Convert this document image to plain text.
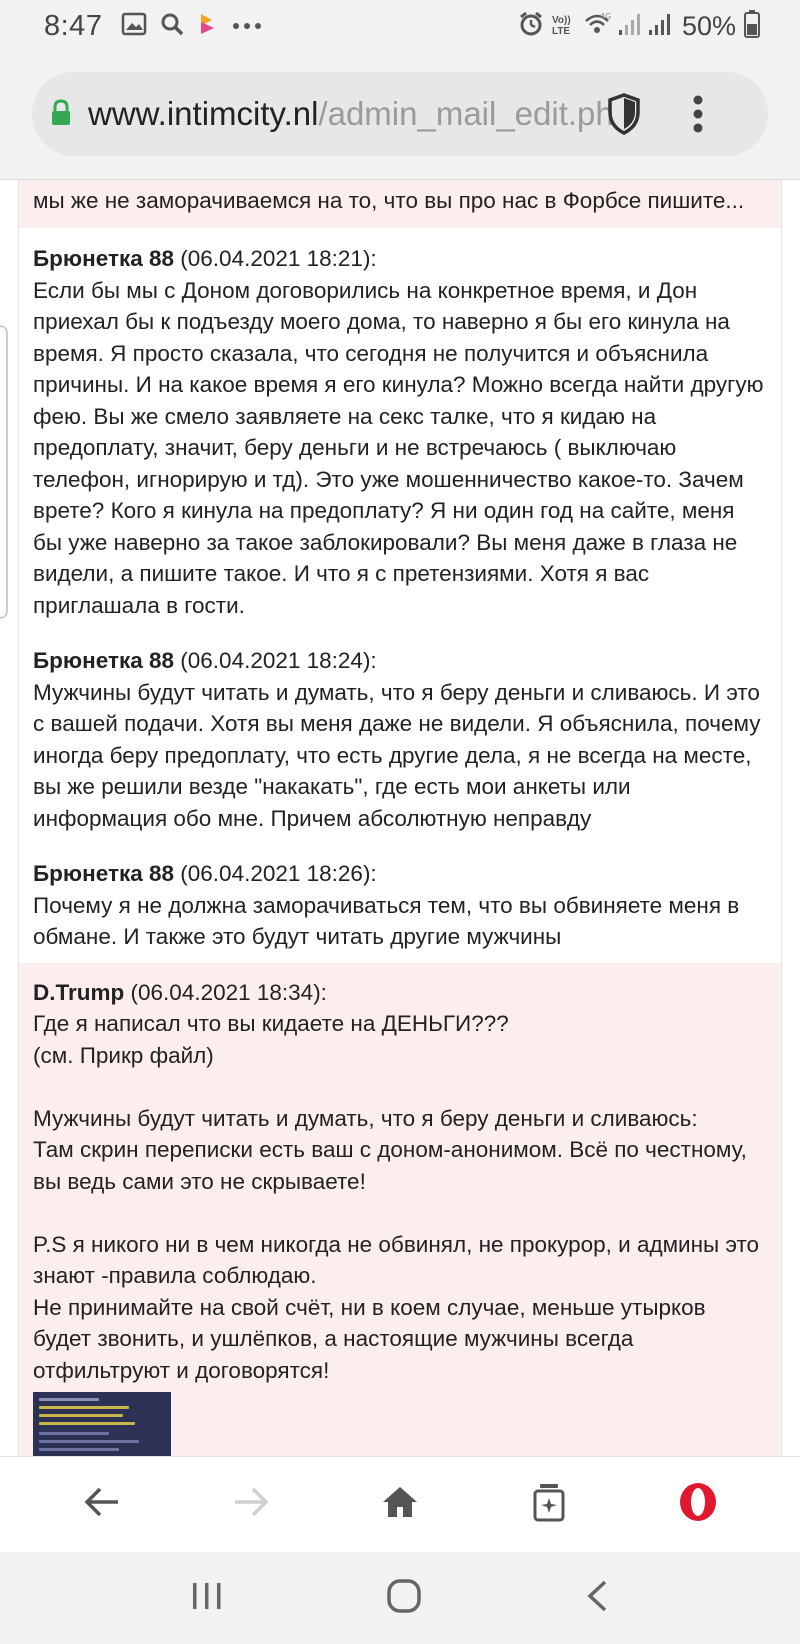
8:47	Vo)) LTE
4G	50%
www.intimcity.nl/admin_mail_edit.ph
мы же не заморачиваемся на то, что вы про нас в Форбсе пишите...
Брюнетка 88 (06.04.2021 18:21):
Если бы мы с Доном договорились на конкретное время, и Дон приехал бы к подъезду моего дома, то наверно я бы его кинула на время. Я просто сказала, что сегодня не получится и объяснила причины. И на какое время я его кинула? Можно всегда найти другую фею. Вы же смело заявляете на секс талке, что я кидаю на предоплату, значит, беру деньги и не встречаюсь ( выключаю телефон, игнорирую и тд). Это уже мошенничество какое-то. Зачем врете? Кого я кинула на предоплату? Я ни один год на сайте, меня бы уже наверно за такое заблокировали? Вы меня даже в глаза не видели, а пишите такое. И что я с претензиями. Хотя я вас приглашала в гости.
Брюнетка 88 (06.04.2021 18:24):
Мужчины будут читать и думать, что я беру деньги и сливаюсь. И это с вашей подачи. Хотя вы меня даже не видели. Я объяснила, почему иногда беру предоплату, что есть другие дела, я не всегда на месте, вы же решили везде "накакать", где есть мои анкеты или информация обо мне. Причем абсолютную неправду
Брюнетка 88 (06.04.2021 18:26):
Почему я не должна заморачиваться тем, что вы обвиняете меня в обмане. И также это будут читать другие мужчины
D.Trump (06.04.2021 18:34):
Где я написал что вы кидаете на ДЕНЬГИ???
(см. Прикр файл)

Мужчины будут читать и думать, что я беру деньги и сливаюсь:
Там скрин переписки есть ваш с доном-анонимом. Всё по честному, вы ведь сами это не скрываете!

P.S я никого ни в чем никогда не обвинял, не прокурор, и админы это знают -правила соблюдаю.
Не принимайте на свой счёт, ни в коем случае, меньше утырков будет звонить, и ушлёпков, а настоящие мужчины всегда отфильтруют и договорятся!
